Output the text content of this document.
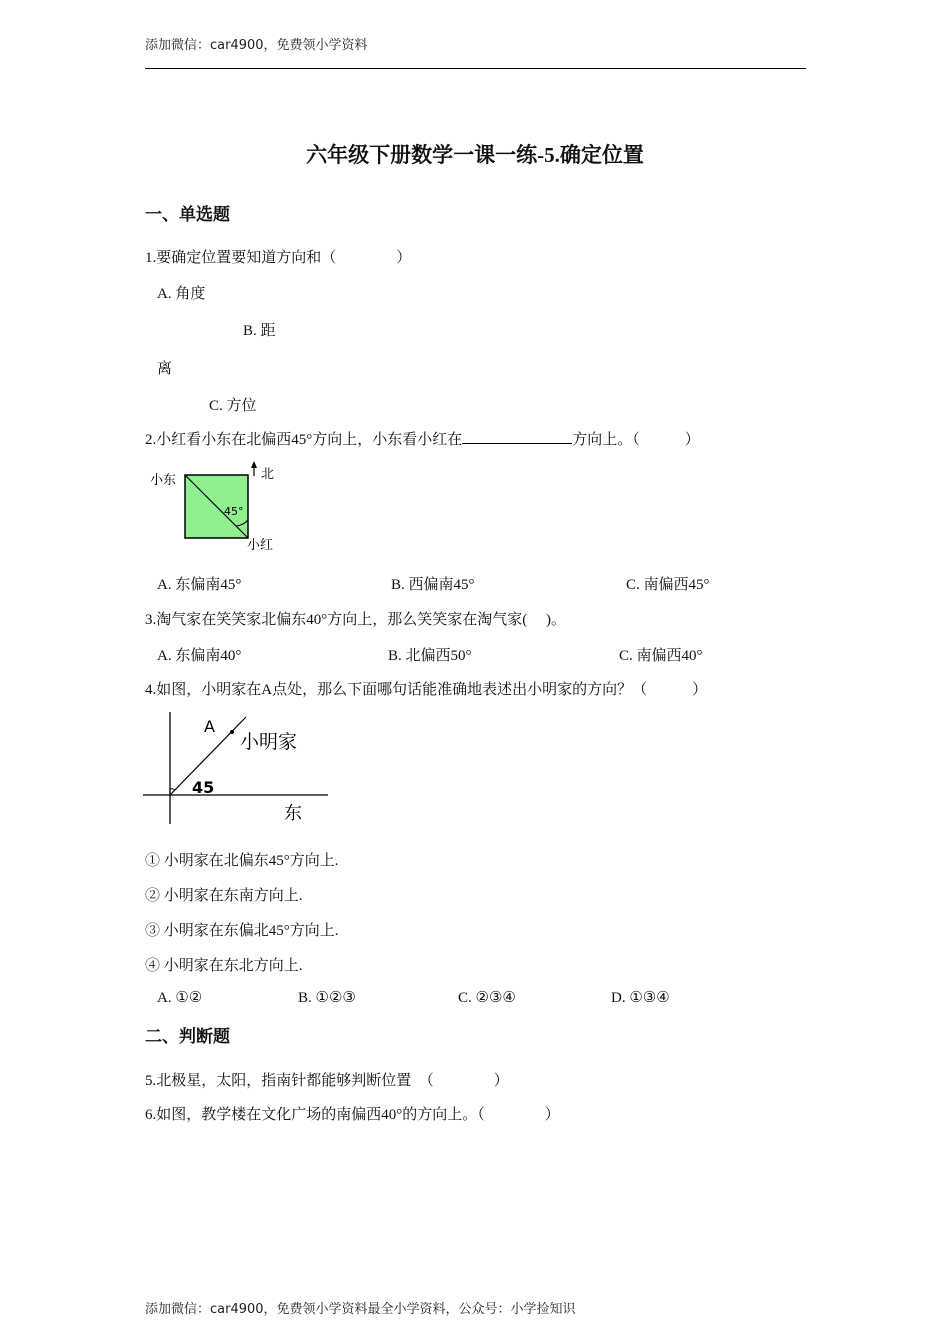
添加微信：car4900，免费领小学资料
六年级下册数学一课一练-5.确定位置
一、单选题
1.要确定位置要知道方向和（　　　　）
A. 角度
B. 距
离
C. 方位
2.小红看小东在北偏西45°方向上，小东看小红在	方向上。（　　　）
小东	北
45°
小红
A. 东偏南45°	B. 西偏南45°	C. 南偏西45°
3.淘气家在笑笑家北偏东40°方向上，那么笑笑家在淘气家(　 )。
A. 东偏南40°	B. 北偏西50°	C. 南偏西40°
4.如图，小明家在A点处，那么下面哪句话能准确地表述出小明家的方向？（　　　）
A
小明家
45
东
① 小明家在北偏东45°方向上.
② 小明家在东南方向上.
③ 小明家在东偏北45°方向上.
④ 小明家在东北方向上.
A. ①②	B. ①②③	C. ②③④	D. ①③④
二、判断题
5.北极星，太阳，指南针都能够判断位置　（　　　　）
6.如图，教学楼在文化广场的南偏西40°的方向上。（　　　　）
添加微信：car4900，免费领小学资料最全小学资料，公众号：小学捡知识
